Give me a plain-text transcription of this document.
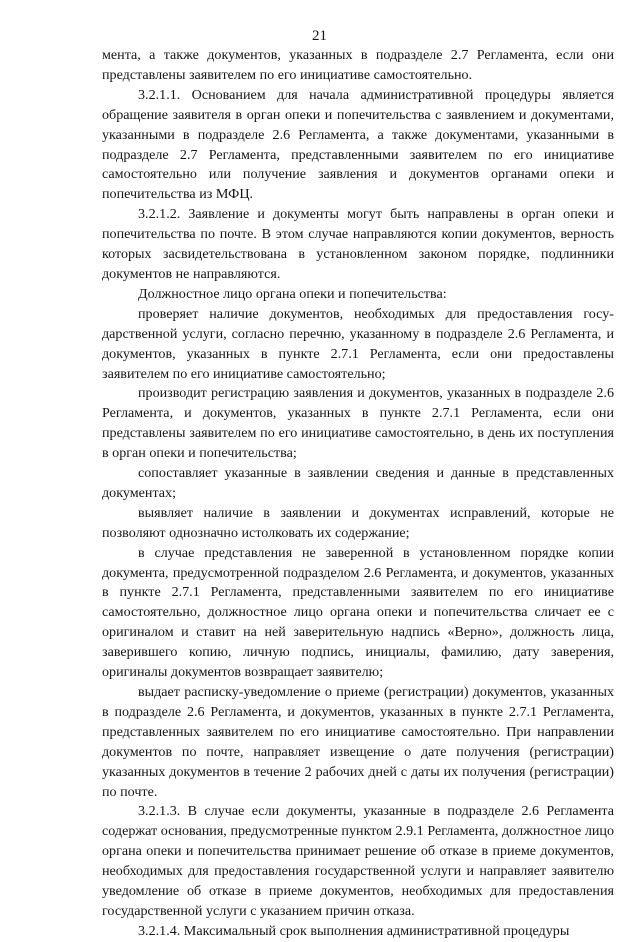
21

мента, а также документов, указанных в подразделе 2.7 Регламента, если они представлены заявителем по его инициативе самостоятельно.

3.2.1.1. Основанием для начала административной процедуры является обращение заявителя в орган опеки и попечительства с заявлением и документами, указанными в подразделе 2.6 Регламента, а также документами, указанными в подразделе 2.7 Регламента, представленными заявителем по его инициативе самостоятельно или получение заявления и документов органами опеки и попечительства из МФЦ.

3.2.1.2. Заявление и документы могут быть направлены в орган опеки и попечительства по почте. В этом случае направляются копии документов, верность которых засвидетельствована в установленном законом порядке, подлинники документов не направляются.

Должностное лицо органа опеки и попечительства:

проверяет наличие документов, необходимых для предоставления государственной услуги, согласно перечню, указанному в подразделе 2.6 Регламента, и документов, указанных в пункте 2.7.1 Регламента, если они предоставлены заявителем по его инициативе самостоятельно;

производит регистрацию заявления и документов, указанных в подразделе 2.6 Регламента, и документов, указанных в пункте 2.7.1 Регламента, если они представлены заявителем по его инициативе самостоятельно, в день их поступления в орган опеки и попечительства;

сопоставляет указанные в заявлении сведения и данные в представленных документах;

выявляет наличие в заявлении и документах исправлений, которые не позволяют однозначно истолковать их содержание;

в случае представления не заверенной в установленном порядке копии документа, предусмотренной подразделом 2.6 Регламента, и документов, указанных в пункте 2.7.1 Регламента, представленными заявителем по его инициативе самостоятельно, должностное лицо органа опеки и попечительства сличает ее с оригиналом и ставит на ней заверительную надпись «Верно», должность лица, заверившего копию, личную подпись, инициалы, фамилию, дату заверения, оригиналы документов возвращает заявителю;

выдает расписку-уведомление о приеме (регистрации) документов, указанных в подразделе 2.6 Регламента, и документов, указанных в пункте 2.7.1 Регламента, представленных заявителем по его инициативе самостоятельно. При направлении документов по почте, направляет извещение о дате получения (регистрации) указанных документов в течение 2 рабочих дней с даты их получения (регистрации) по почте.

3.2.1.3. В случае если документы, указанные в подразделе 2.6 Регламента содержат основания, предусмотренные пунктом 2.9.1 Регламента, должностное лицо органа опеки и попечительства принимает решение об отказе в приеме документов, необходимых для предоставления государственной услуги и направляет заявителю уведомление об отказе в приеме документов, необходимых для предоставления государственной услуги с указанием причин отказа.

3.2.1.4. Максимальный срок выполнения административной процедуры
